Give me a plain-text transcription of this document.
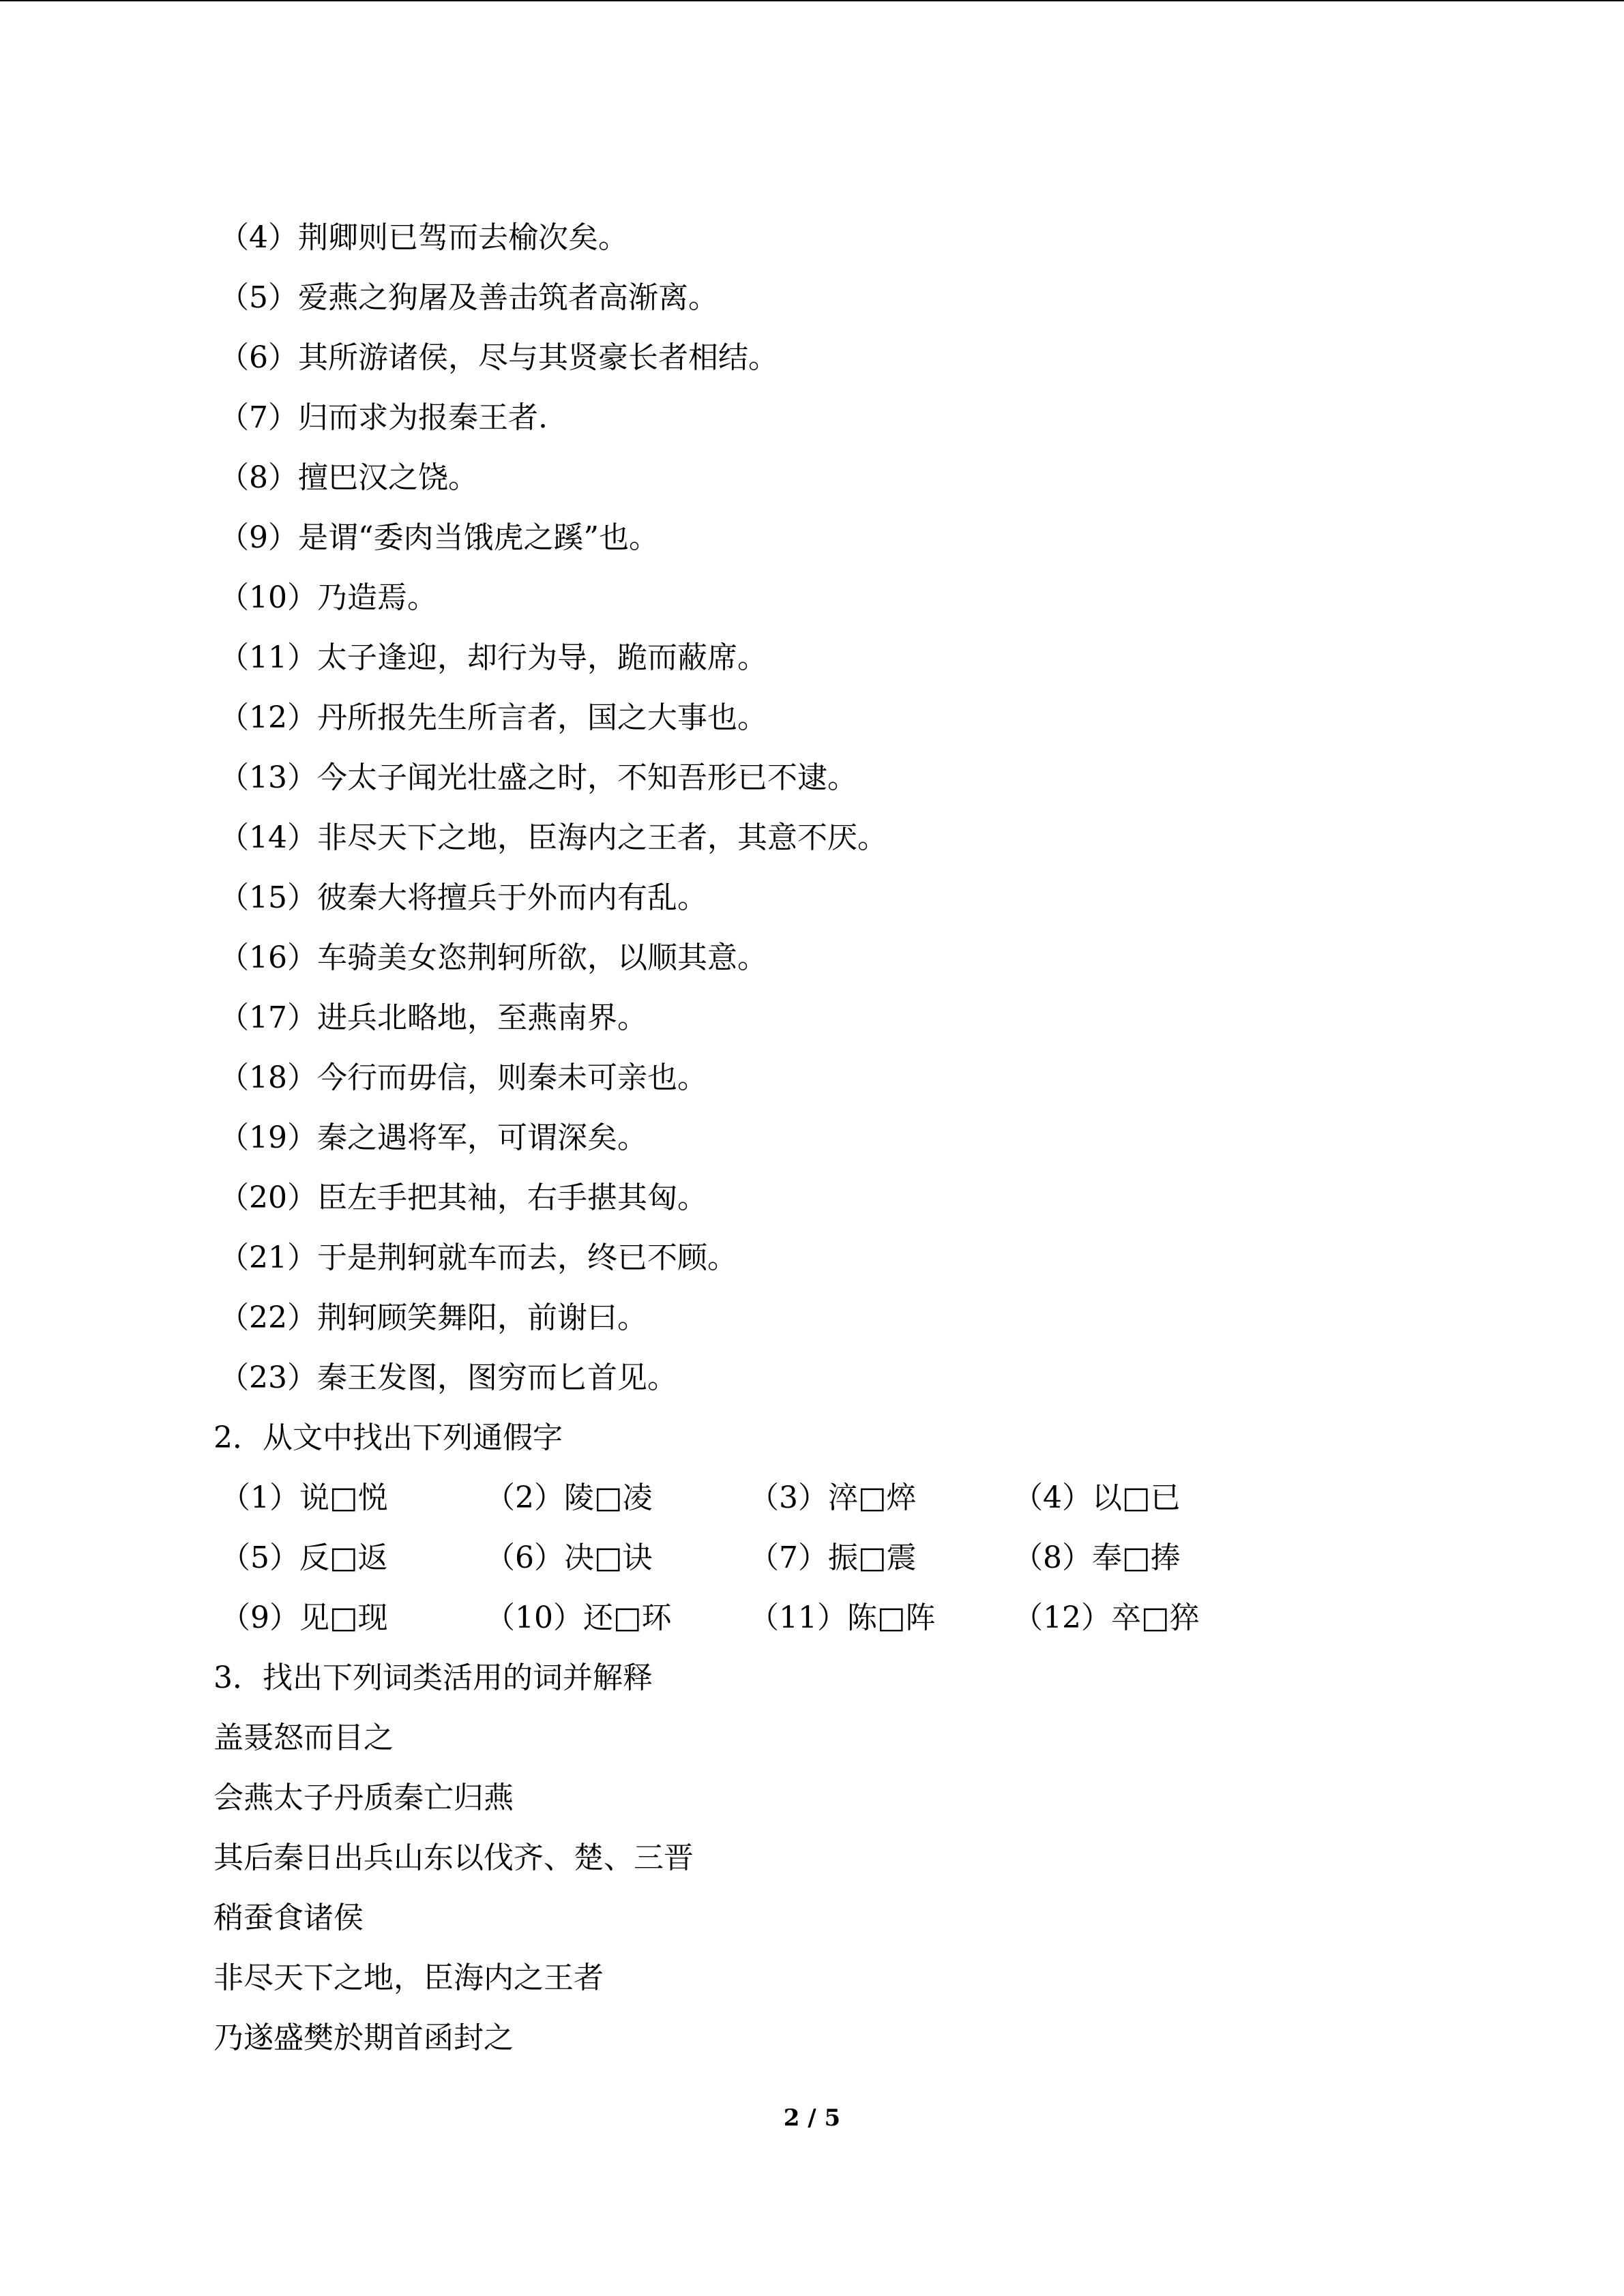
（4）荆卿则已驾而去榆次矣。
（5）爱燕之狗屠及善击筑者高渐离。
（6）其所游诸侯，尽与其贤豪长者相结。
（7）归而求为报秦王者.
（8）擅巴汉之饶。
（9）是谓“委肉当饿虎之蹊”也。
（10）乃造焉。
（11）太子逢迎，却行为导，跪而蔽席。
（12）丹所报先生所言者，国之大事也。
（13）今太子闻光壮盛之时，不知吾形已不逮。
（14）非尽天下之地，臣海内之王者，其意不厌。
（15）彼秦大将擅兵于外而内有乱。
（16）车骑美女恣荆轲所欲，以顺其意。
（17）进兵北略地，至燕南界。
（18）今行而毋信，则秦未可亲也。
（19）秦之遇将军，可谓深矣。
（20）臣左手把其袖，右手揕其匈。
（21）于是荆轲就车而去，终已不顾。
（22）荆轲顾笑舞阳，前谢曰。
（23）秦王发图，图穷而匕首见。
2．从文中找出下列通假字
（1）说□悦	（2）陵□凌	（3）淬□焠	（4）以□已
（5）反□返	（6）决□诀	（7）振□震	（8）奉□捧
（9）见□现	（10）还□环	（11）陈□阵	（12）卒□猝
3．找出下列词类活用的词并解释
盖聂怒而目之
会燕太子丹质秦亡归燕
其后秦日出兵山东以伐齐、楚、三晋
稍蚕食诸侯
非尽天下之地，臣海内之王者
乃遂盛樊於期首函封之
2 / 5
